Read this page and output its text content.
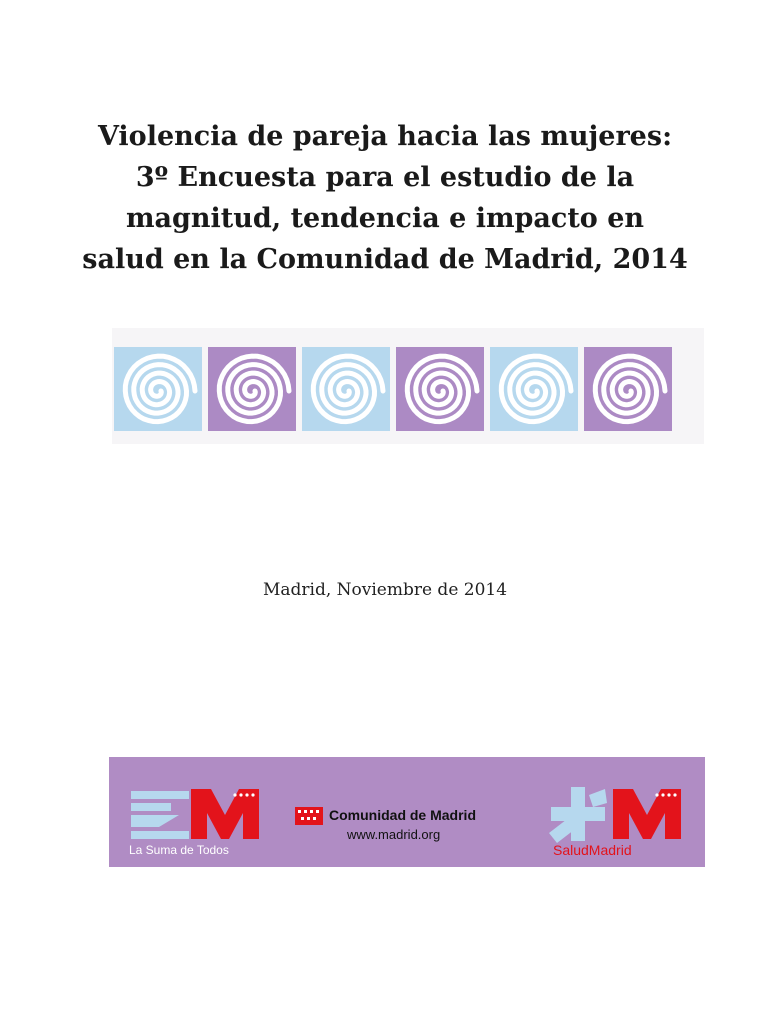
Violencia de pareja hacia las mujeres:
3º Encuesta para el estudio de la
magnitud, tendencia e impacto en
salud en la Comunidad de Madrid, 2014
Madrid, Noviembre de 2014
La Suma de Todos
Comunidad de Madrid
www.madrid.org
SaludMadrid
